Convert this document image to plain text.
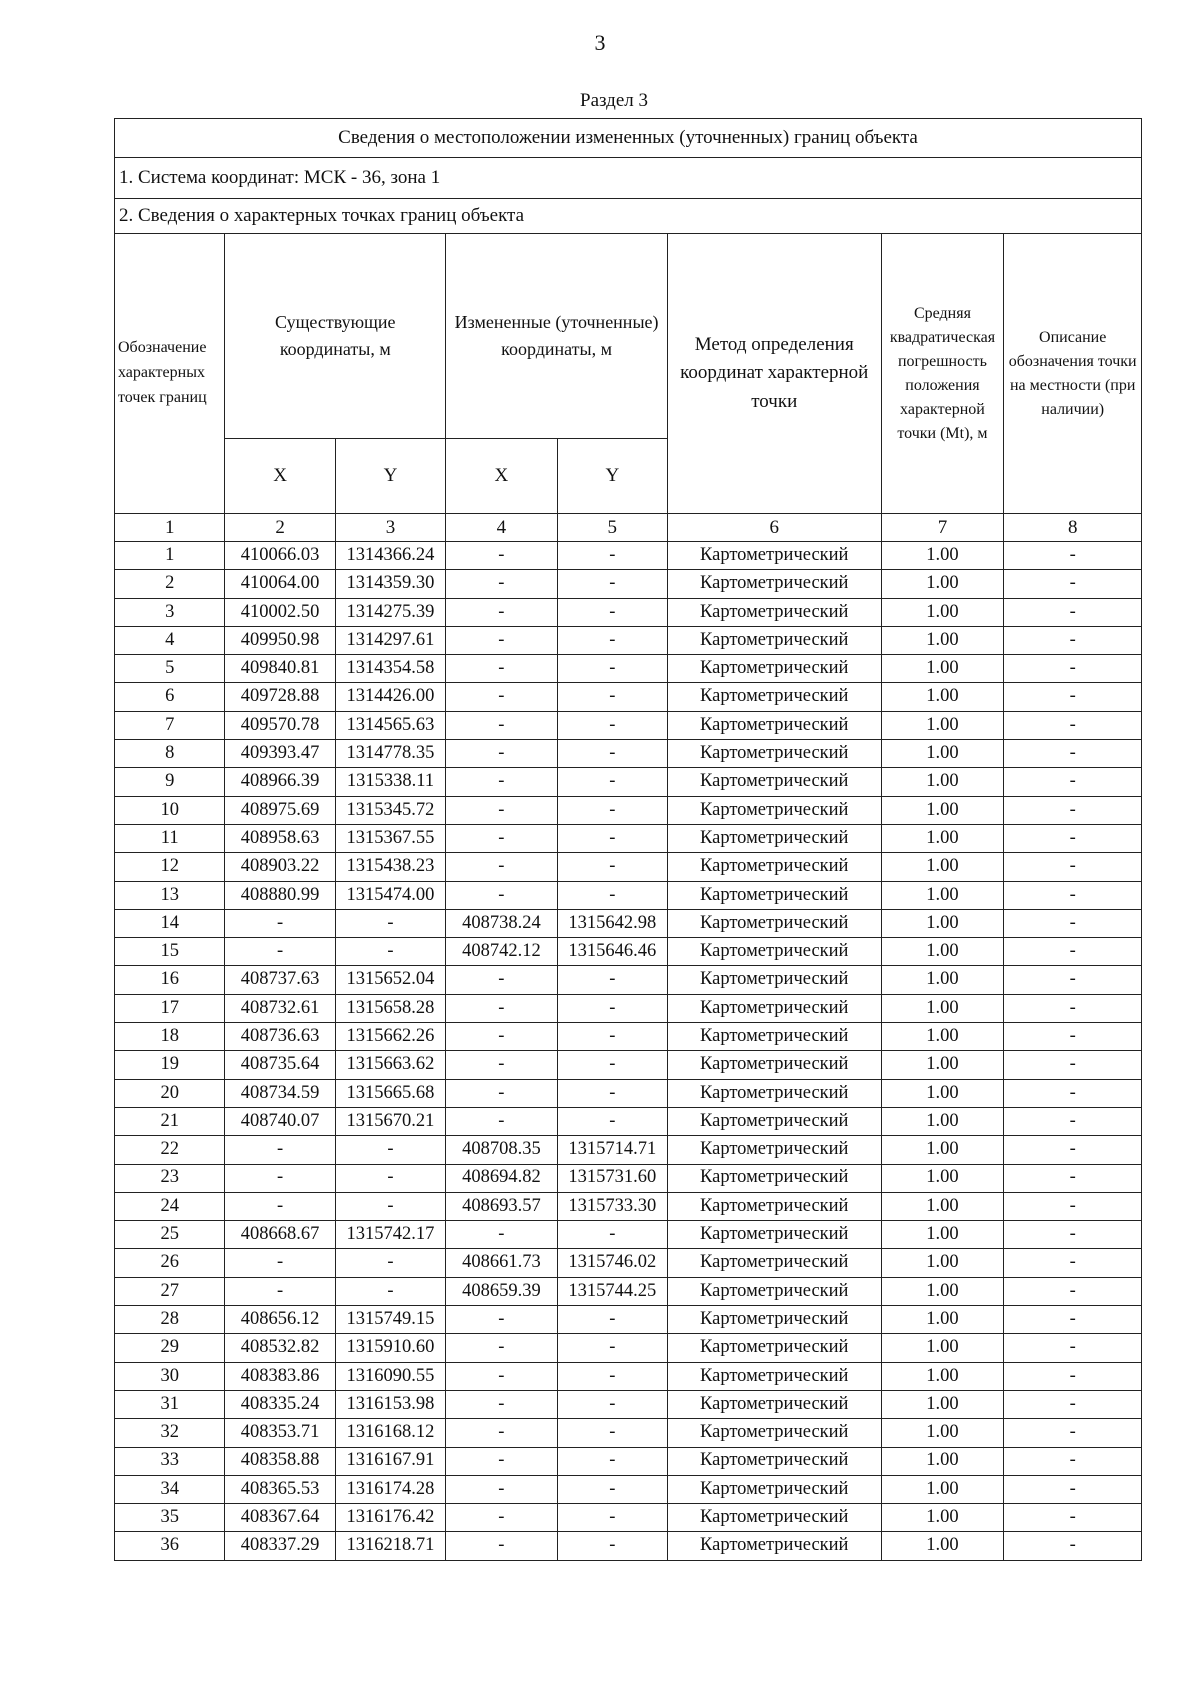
3
Раздел 3
Сведения о местоположении измененных (уточненных) границ объекта							
1. Система координат: МСК - 36, зона 1							
2. Сведения о характерных точках границ объекта							
Обозначение характерных точек границ	Существующие координаты, м		Измененные (уточненные) координаты, м		Метод определения координат характерной точки	Средняя квадратическая погрешность положения характерной точки (Mt), м	Описание обозначения точки на местности (при наличии)
	X	Y	X	Y			
1	2	3	4	5	6	7	8
1	410066.03	1314366.24	-	-	Картометрический	1.00	-
2	410064.00	1314359.30	-	-	Картометрический	1.00	-
3	410002.50	1314275.39	-	-	Картометрический	1.00	-
4	409950.98	1314297.61	-	-	Картометрический	1.00	-
5	409840.81	1314354.58	-	-	Картометрический	1.00	-
6	409728.88	1314426.00	-	-	Картометрический	1.00	-
7	409570.78	1314565.63	-	-	Картометрический	1.00	-
8	409393.47	1314778.35	-	-	Картометрический	1.00	-
9	408966.39	1315338.11	-	-	Картометрический	1.00	-
10	408975.69	1315345.72	-	-	Картометрический	1.00	-
11	408958.63	1315367.55	-	-	Картометрический	1.00	-
12	408903.22	1315438.23	-	-	Картометрический	1.00	-
13	408880.99	1315474.00	-	-	Картометрический	1.00	-
14	-	-	408738.24	1315642.98	Картометрический	1.00	-
15	-	-	408742.12	1315646.46	Картометрический	1.00	-
16	408737.63	1315652.04	-	-	Картометрический	1.00	-
17	408732.61	1315658.28	-	-	Картометрический	1.00	-
18	408736.63	1315662.26	-	-	Картометрический	1.00	-
19	408735.64	1315663.62	-	-	Картометрический	1.00	-
20	408734.59	1315665.68	-	-	Картометрический	1.00	-
21	408740.07	1315670.21	-	-	Картометрический	1.00	-
22	-	-	408708.35	1315714.71	Картометрический	1.00	-
23	-	-	408694.82	1315731.60	Картометрический	1.00	-
24	-	-	408693.57	1315733.30	Картометрический	1.00	-
25	408668.67	1315742.17	-	-	Картометрический	1.00	-
26	-	-	408661.73	1315746.02	Картометрический	1.00	-
27	-	-	408659.39	1315744.25	Картометрический	1.00	-
28	408656.12	1315749.15	-	-	Картометрический	1.00	-
29	408532.82	1315910.60	-	-	Картометрический	1.00	-
30	408383.86	1316090.55	-	-	Картометрический	1.00	-
31	408335.24	1316153.98	-	-	Картометрический	1.00	-
32	408353.71	1316168.12	-	-	Картометрический	1.00	-
33	408358.88	1316167.91	-	-	Картометрический	1.00	-
34	408365.53	1316174.28	-	-	Картометрический	1.00	-
35	408367.64	1316176.42	-	-	Картометрический	1.00	-
36	408337.29	1316218.71	-	-	Картометрический	1.00	-
